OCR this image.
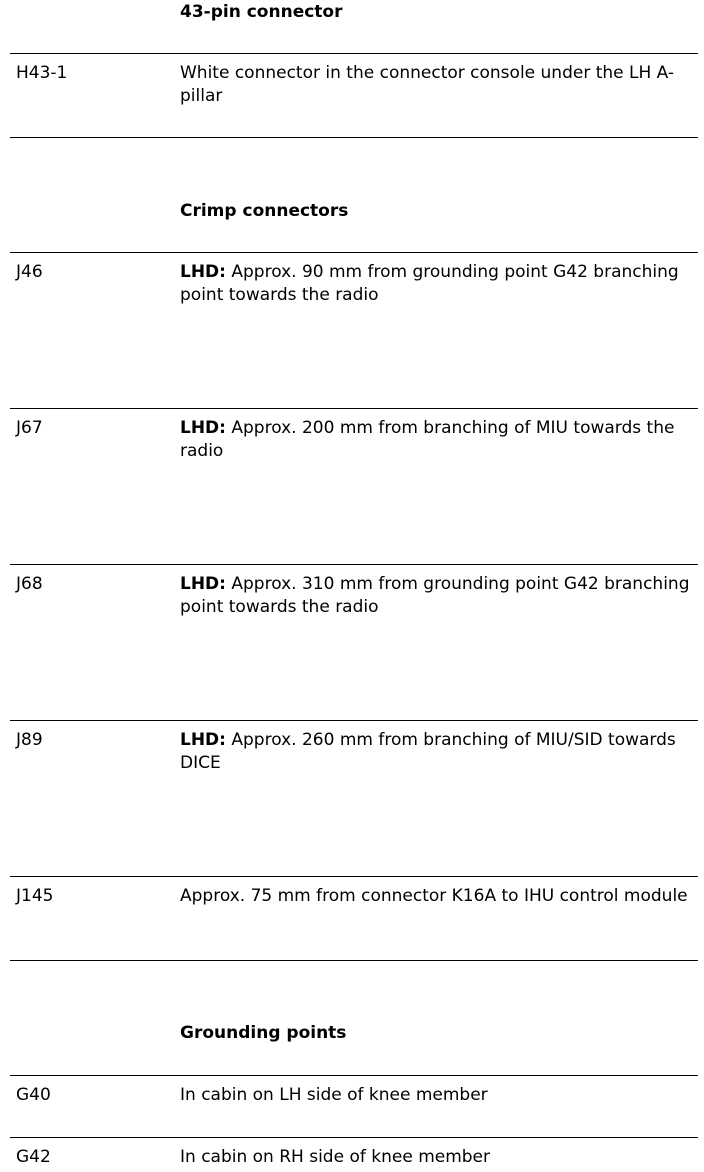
43-pin connector
H43-1	White connector in the connector console under the LH A-pillar
Crimp connectors
J46	LHD: Approx. 90 mm from grounding point G42 branching point towards the radio
J67	LHD: Approx. 200 mm from branching of MIU towards the radio
J68	LHD: Approx. 310 mm from grounding point G42 branching point towards the radio
J89	LHD: Approx. 260 mm from branching of MIU/SID towards DICE
J145	Approx. 75 mm from connector K16A to IHU control module
Grounding points
G40	In cabin on LH side of knee member
G42	In cabin on RH side of knee member
